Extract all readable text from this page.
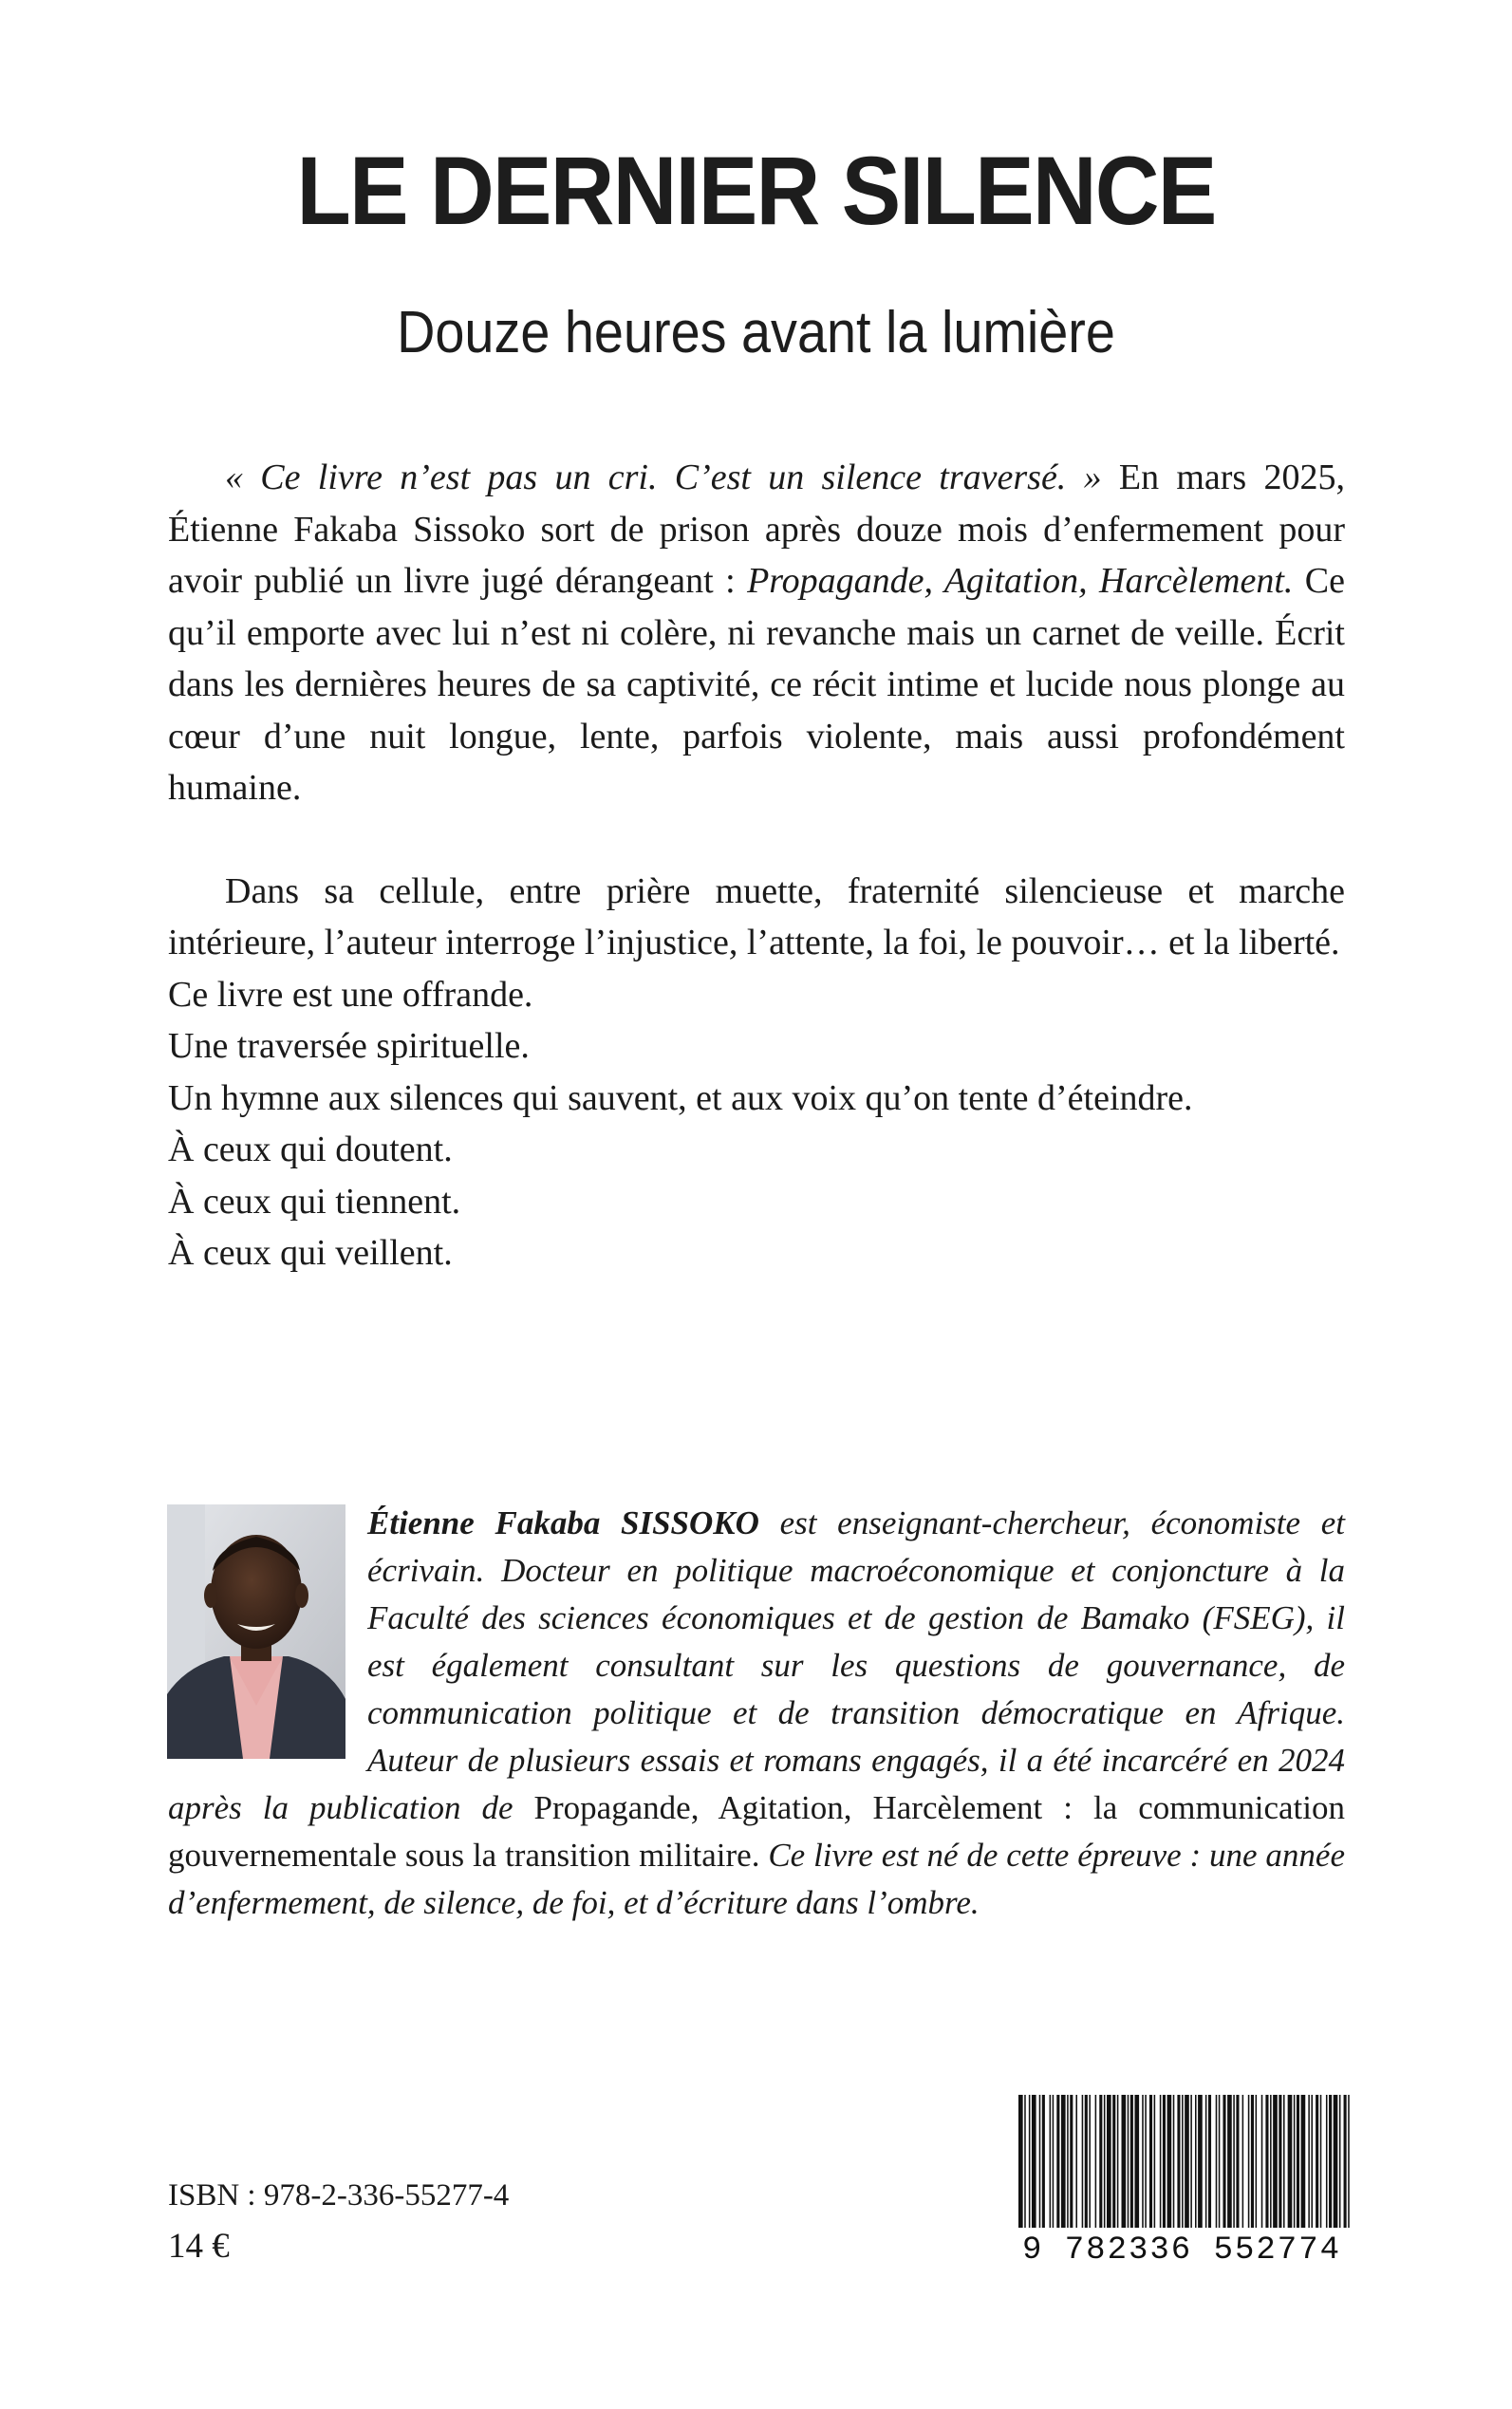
LE DERNIER SILENCE
Douze heures avant la lumière

« Ce livre n’est pas un cri. C’est un silence traversé. » En mars 2025, Étienne Fakaba Sissoko sort de prison après douze mois d’enfermement pour avoir publié un livre jugé dérangeant : Propagande, Agitation, Harcèlement. Ce qu’il emporte avec lui n’est ni colère, ni revanche mais un carnet de veille. Écrit dans les dernières heures de sa captivité, ce récit intime et lucide nous plonge au cœur d’une nuit longue, lente, parfois violente, mais aussi profondément humaine.

Dans sa cellule, entre prière muette, fraternité silencieuse et marche intérieure, l’auteur interroge l’injustice, l’attente, la foi, le pouvoir… et la liberté.

Ce livre est une offrande.

Une traversée spirituelle.

Un hymne aux silences qui sauvent, et aux voix qu’on tente d’éteindre.

À ceux qui doutent.

À ceux qui tiennent.

À ceux qui veillent.

Étienne Fakaba SISSOKO est enseignant-chercheur, économiste et écrivain. Docteur en politique macroéconomique et conjoncture à la Faculté des sciences économiques et de gestion de Bamako (FSEG), il est également consultant sur les questions de gouvernance, de communication politique et de transition démocratique en Afrique. Auteur de plusieurs essais et romans engagés, il a été incarcéré en 2024 après la publication de Propagande, Agitation, Harcèlement : la communication gouvernementale sous la transition militaire. Ce livre est né de cette épreuve : une année d’enfermement, de silence, de foi, et d’écriture dans l’ombre.
ISBN : 978-2-336-55277-4
14 €	9 782336 552774
